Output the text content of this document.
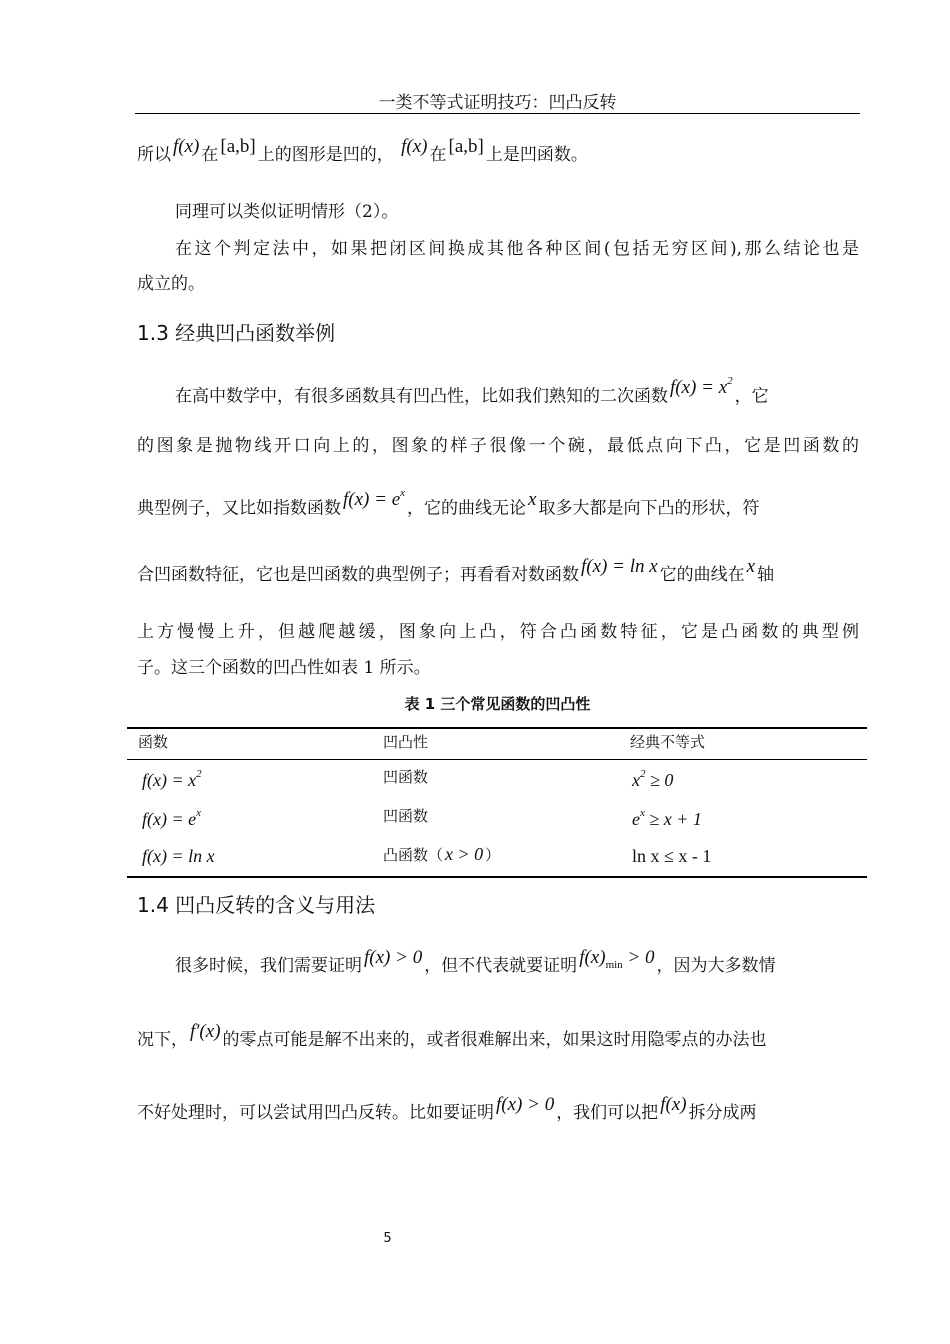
一类不等式证明技巧：凹凸反转
所以 f(x) 在 [a,b] 上的图形是凹的， f(x) 在 [a,b] 上是凹函数。
同理可以类似证明情形（2）。
在这个判定法中，如果把闭区间换成其他各种区间(包括无穷区间),那么结论也是
成立的。
1.3 经典凹凸函数举例
在高中数学中，有很多函数具有凹凸性，比如我们熟知的二次函数 $f(x) = x^2$，它
的图象是抛物线开口向上的，图象的样子很像一个碗，最低点向下凸，它是凹函数的
典型例子，又比如指数函数 $f(x) = e^x$，它的曲线无论 x 取多大都是向下凸的形状，符
合凹函数特征，它也是凹函数的典型例子；再看看对数函数 f(x) = ln x 它的曲线在 x 轴
上方慢慢上升，但越爬越缓，图象向上凸，符合凸函数特征，它是凸函数的典型例
子。这三个函数的凹凸性如表 1 所示。
表 1 三个常见函数的凹凸性
函数	凹凸性	经典不等式
$f(x) = x^2$	凹函数	$x^2 \ge 0$
$f(x) = e^x$	凹函数	$e^x \ge x + 1$
f(x) = ln x	凸函数（ x > 0 ）	ln x ≤ x - 1
1.4 凹凸反转的含义与用法
很多时候，我们需要证明 f(x) > 0 ，但不代表就要证明 $f(x)_{min} > 0$ ，因为大多数情
况下， f′(x) 的零点可能是解不出来的，或者很难解出来，如果这时用隐零点的办法也
不好处理时，可以尝试用凹凸反转。比如要证明 f(x) > 0 ，我们可以把 f(x) 拆分成两
5
